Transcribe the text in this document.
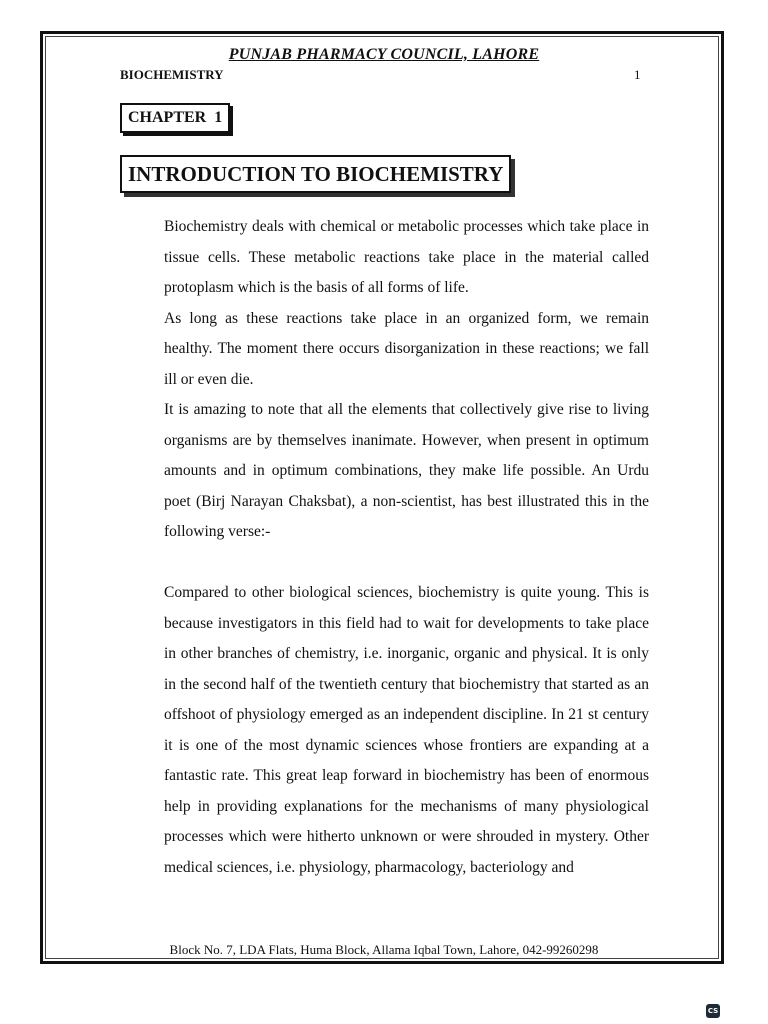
PUNJAB PHARMACY COUNCIL, LAHORE
BIOCHEMISTRY	1
CHAPTER  1
INTRODUCTION TO BIOCHEMISTRY

Biochemistry deals with chemical or metabolic processes which take place in tissue cells. These metabolic reactions take place in the material called protoplasm which is the basis of all forms of life.

As long as these reactions take place in an organized form, we remain healthy. The moment there occurs disorganization in these reactions; we fall ill or even die.

It is amazing to note that all the elements that collectively give rise to living organisms are by themselves inanimate. However, when present in optimum amounts and in optimum combinations, they make life possible. An Urdu poet (Birj Narayan Chaksbat), a non-scientist, has best illustrated this in the following verse:-

Compared to other biological sciences, biochemistry is quite young. This is because investigators in this field had to wait for developments to take place in other branches of chemistry, i.e. inorganic, organic and physical. It is only in the second half of the twentieth century that biochemistry that started as an offshoot of physiology emerged as an independent discipline. In 21 st century it is one of the most dynamic sciences whose frontiers are expanding at a fantastic rate. This great leap forward in biochemistry has been of enormous help in providing explanations for the mechanisms of many physiological processes which were hitherto unknown or were shrouded in mystery. Other medical sciences, i.e. physiology, pharmacology, bacteriology and

Block No. 7, LDA Flats, Huma Block, Allama Iqbal Town, Lahore, 042-99260298
CS
